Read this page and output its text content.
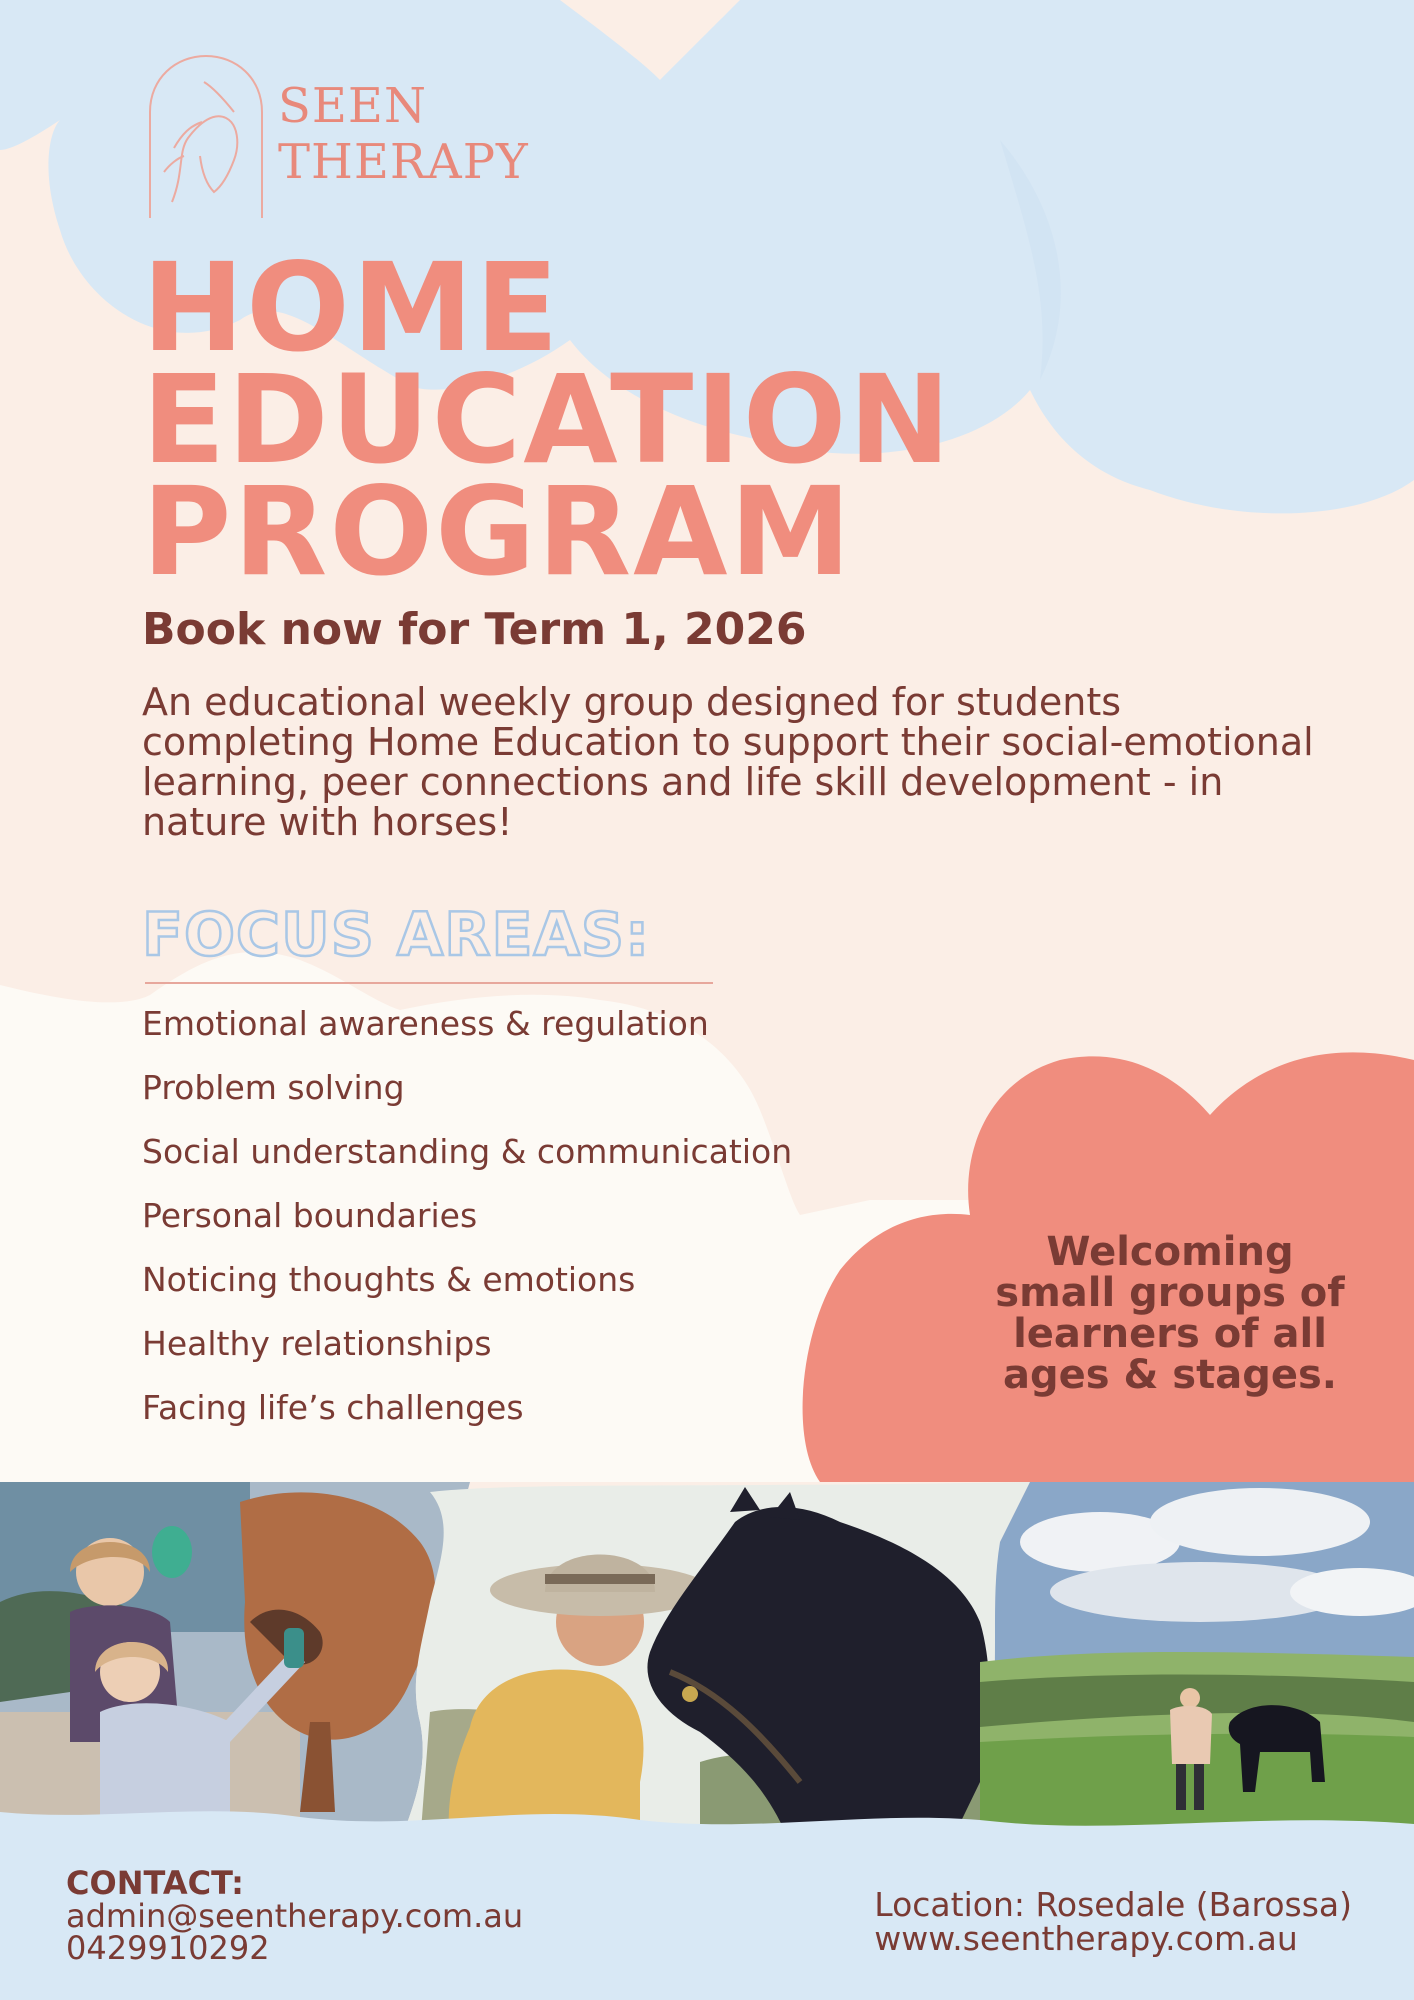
SEEN
THERAPY
HOME
EDUCATION
PROGRAM
Book now for Term 1, 2026
An educational weekly group designed for students completing Home Education to support their social-emotional learning, peer connections and life skill development - in nature with horses!
FOCUS AREAS:
Emotional awareness & regulation
Problem solving
Social understanding & communication
Personal boundaries
Noticing thoughts & emotions
Healthy relationships
Facing life’s challenges
Welcoming small groups of learners of all ages & stages.
CONTACT:
admin@seentherapy.com.au
0429910292
Location: Rosedale (Barossa)
www.seentherapy.com.au
